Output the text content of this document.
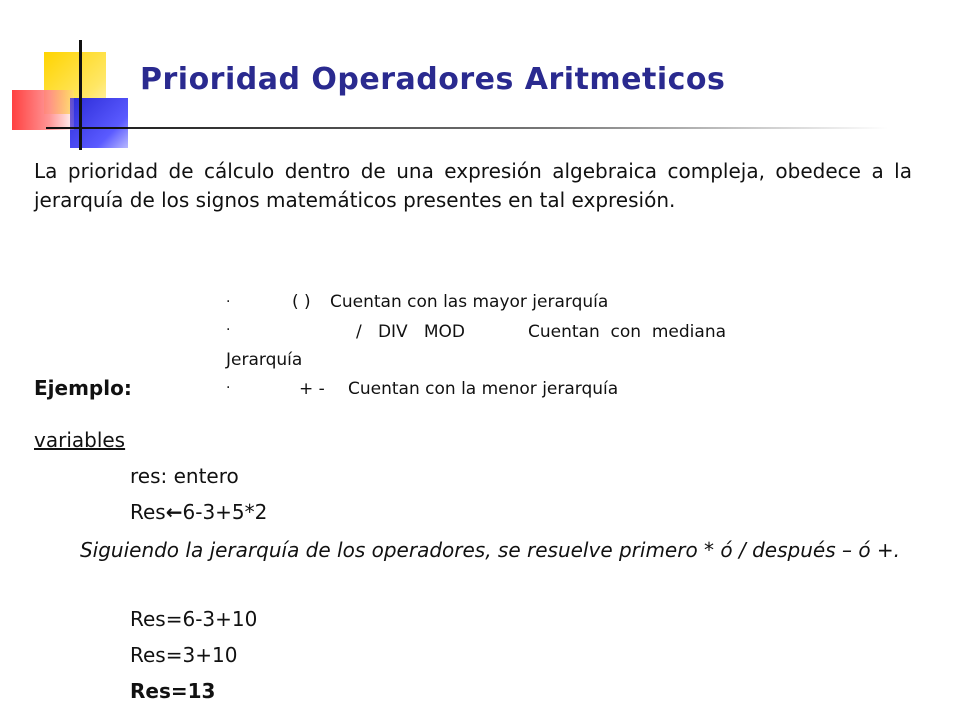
Prioridad Operadores Aritmeticos
La prioridad de cálculo dentro de una expresión algebraica compleja, obedece a la jerarquía de los signos matemáticos presentes en tal expresión.
·	( ) Cuentan con las mayor jerarquía
·	/   DIV   MOD	Cuentan  con  mediana
Jerarquía
·	+ - Cuentan con la menor jerarquía
Ejemplo:
variables
res: entero
Res←6-3+5*2
Siguiendo la jerarquía de los operadores, se resuelve primero * ó / después – ó +.
Res=6-3+10
Res=3+10
Res=13
